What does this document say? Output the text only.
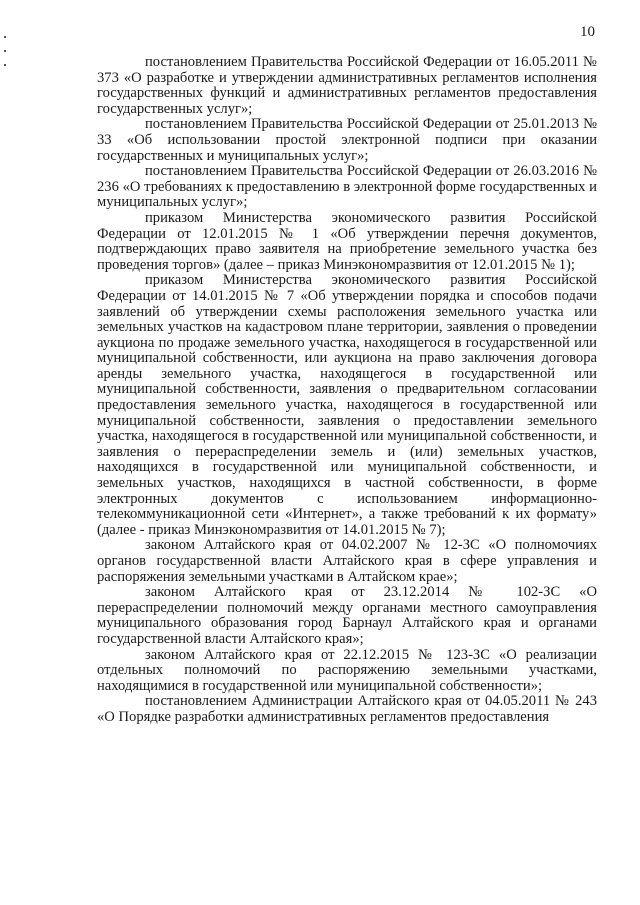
10

постановлением Правительства Российской Федерации от 16.05.2011 № 373 «О разработке и утверждении административных регламентов исполнения государственных функций и административных регламентов предоставления государственных услуг»;

постановлением Правительства Российской Федерации от 25.01.2013 № 33 «Об использовании простой электронной подписи при оказании государственных и муниципальных услуг»;

постановлением Правительства Российской Федерации от 26.03.2016 № 236 «О требованиях к предоставлению в электронной форме государственных и муниципальных услуг»;

приказом Министерства экономического развития Российской Федерации от 12.01.2015 № 1 «Об утверждении перечня документов, подтверждающих право заявителя на приобретение земельного участка без проведения торгов» (далее – приказ Минэкономразвития от 12.01.2015 № 1);

приказом Министерства экономического развития Российской Федерации от 14.01.2015 № 7 «Об утверждении порядка и способов подачи заявлений об утверждении схемы расположения земельного участка или земельных участков на кадастровом плане территории, заявления о проведении аукциона по продаже земельного участка, находящегося в государственной или муниципальной собственности, или аукциона на право заключения договора аренды земельного участка, находящегося в государственной или муниципальной собственности, заявления о предварительном согласовании предоставления земельного участка, находящегося в государственной или муниципальной собственности, заявления о предоставлении земельного участка, находящегося в государственной или муниципальной собственности, и заявления о перераспределении земель и (или) земельных участков, находящихся в государственной или муниципальной собственности, и земельных участков, находящихся в частной собственности, в форме электронных документов с использованием информационно-телекоммуникационной сети «Интернет», а также требований к их формату» (далее - приказ Минэкономразвития от 14.01.2015 № 7);

законом Алтайского края от 04.02.2007 № 12-ЗС «О полномочиях органов государственной власти Алтайского края в сфере управления и распоряжения земельными участками в Алтайском крае»;

законом Алтайского края от 23.12.2014 № 102-ЗС «О перераспределении полномочий между органами местного самоуправления муниципального образования город Барнаул Алтайского края и органами государственной власти Алтайского края»;

законом Алтайского края от 22.12.2015 № 123-ЗС «О реализации отдельных полномочий по распоряжению земельными участками, находящимися в государственной или муниципальной собственности»;

постановлением Администрации Алтайского края от 04.05.2011 № 243 «О Порядке разработки административных регламентов предоставления
